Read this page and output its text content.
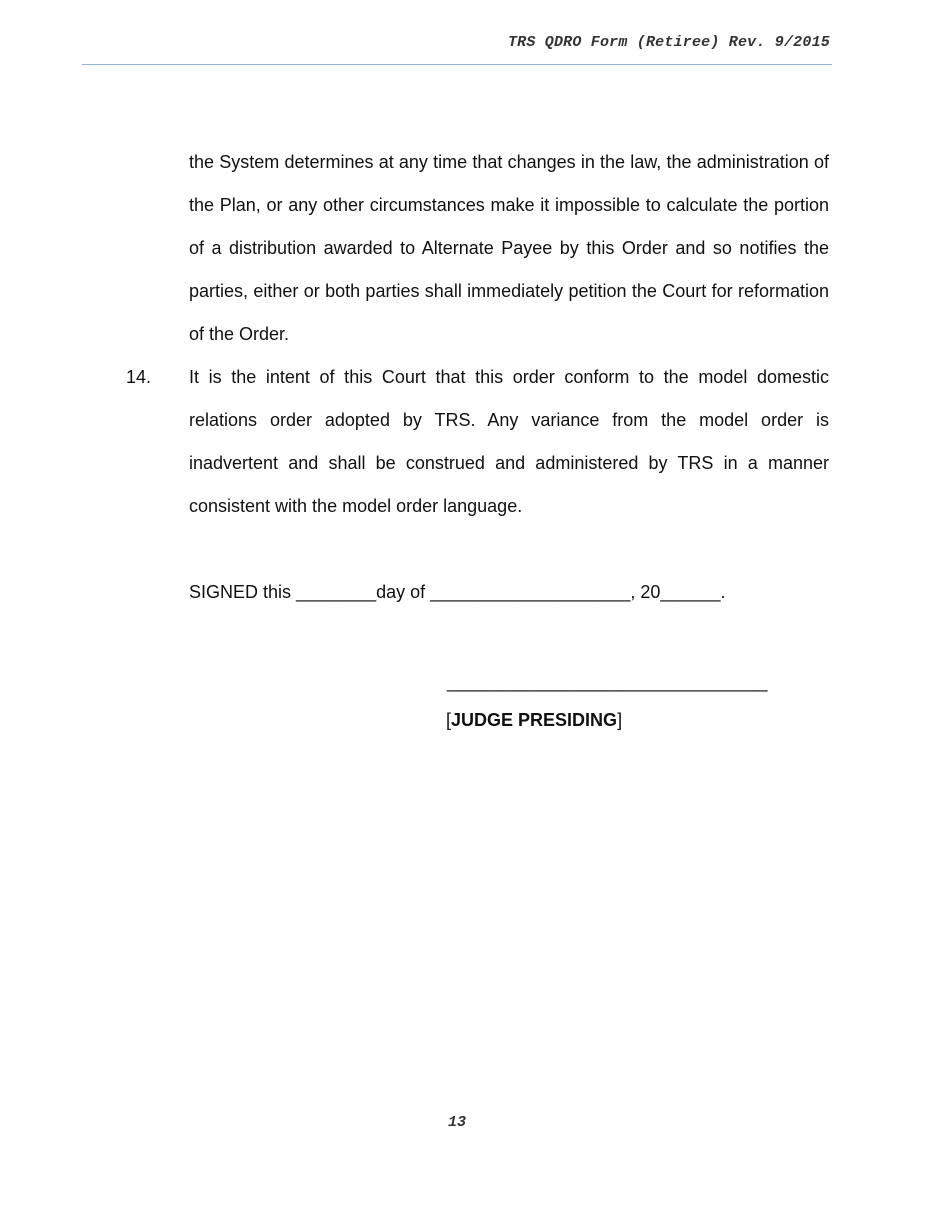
TRS QDRO Form (Retiree) Rev. 9/2015

the System determines at any time that changes in the law, the administration of the Plan, or any other circumstances make it impossible to calculate the portion of a distribution awarded to Alternate Payee by this Order and so notifies the parties, either or both parties shall immediately petition the Court for reformation of the Order.

14. It is the intent of this Court that this order conform to the model domestic relations order adopted by TRS. Any variance from the model order is inadvertent and shall be construed and administered by TRS in a manner consistent with the model order language.

SIGNED this ________day of ____________________, 20______.
________________________________
[JUDGE PRESIDING]
13
